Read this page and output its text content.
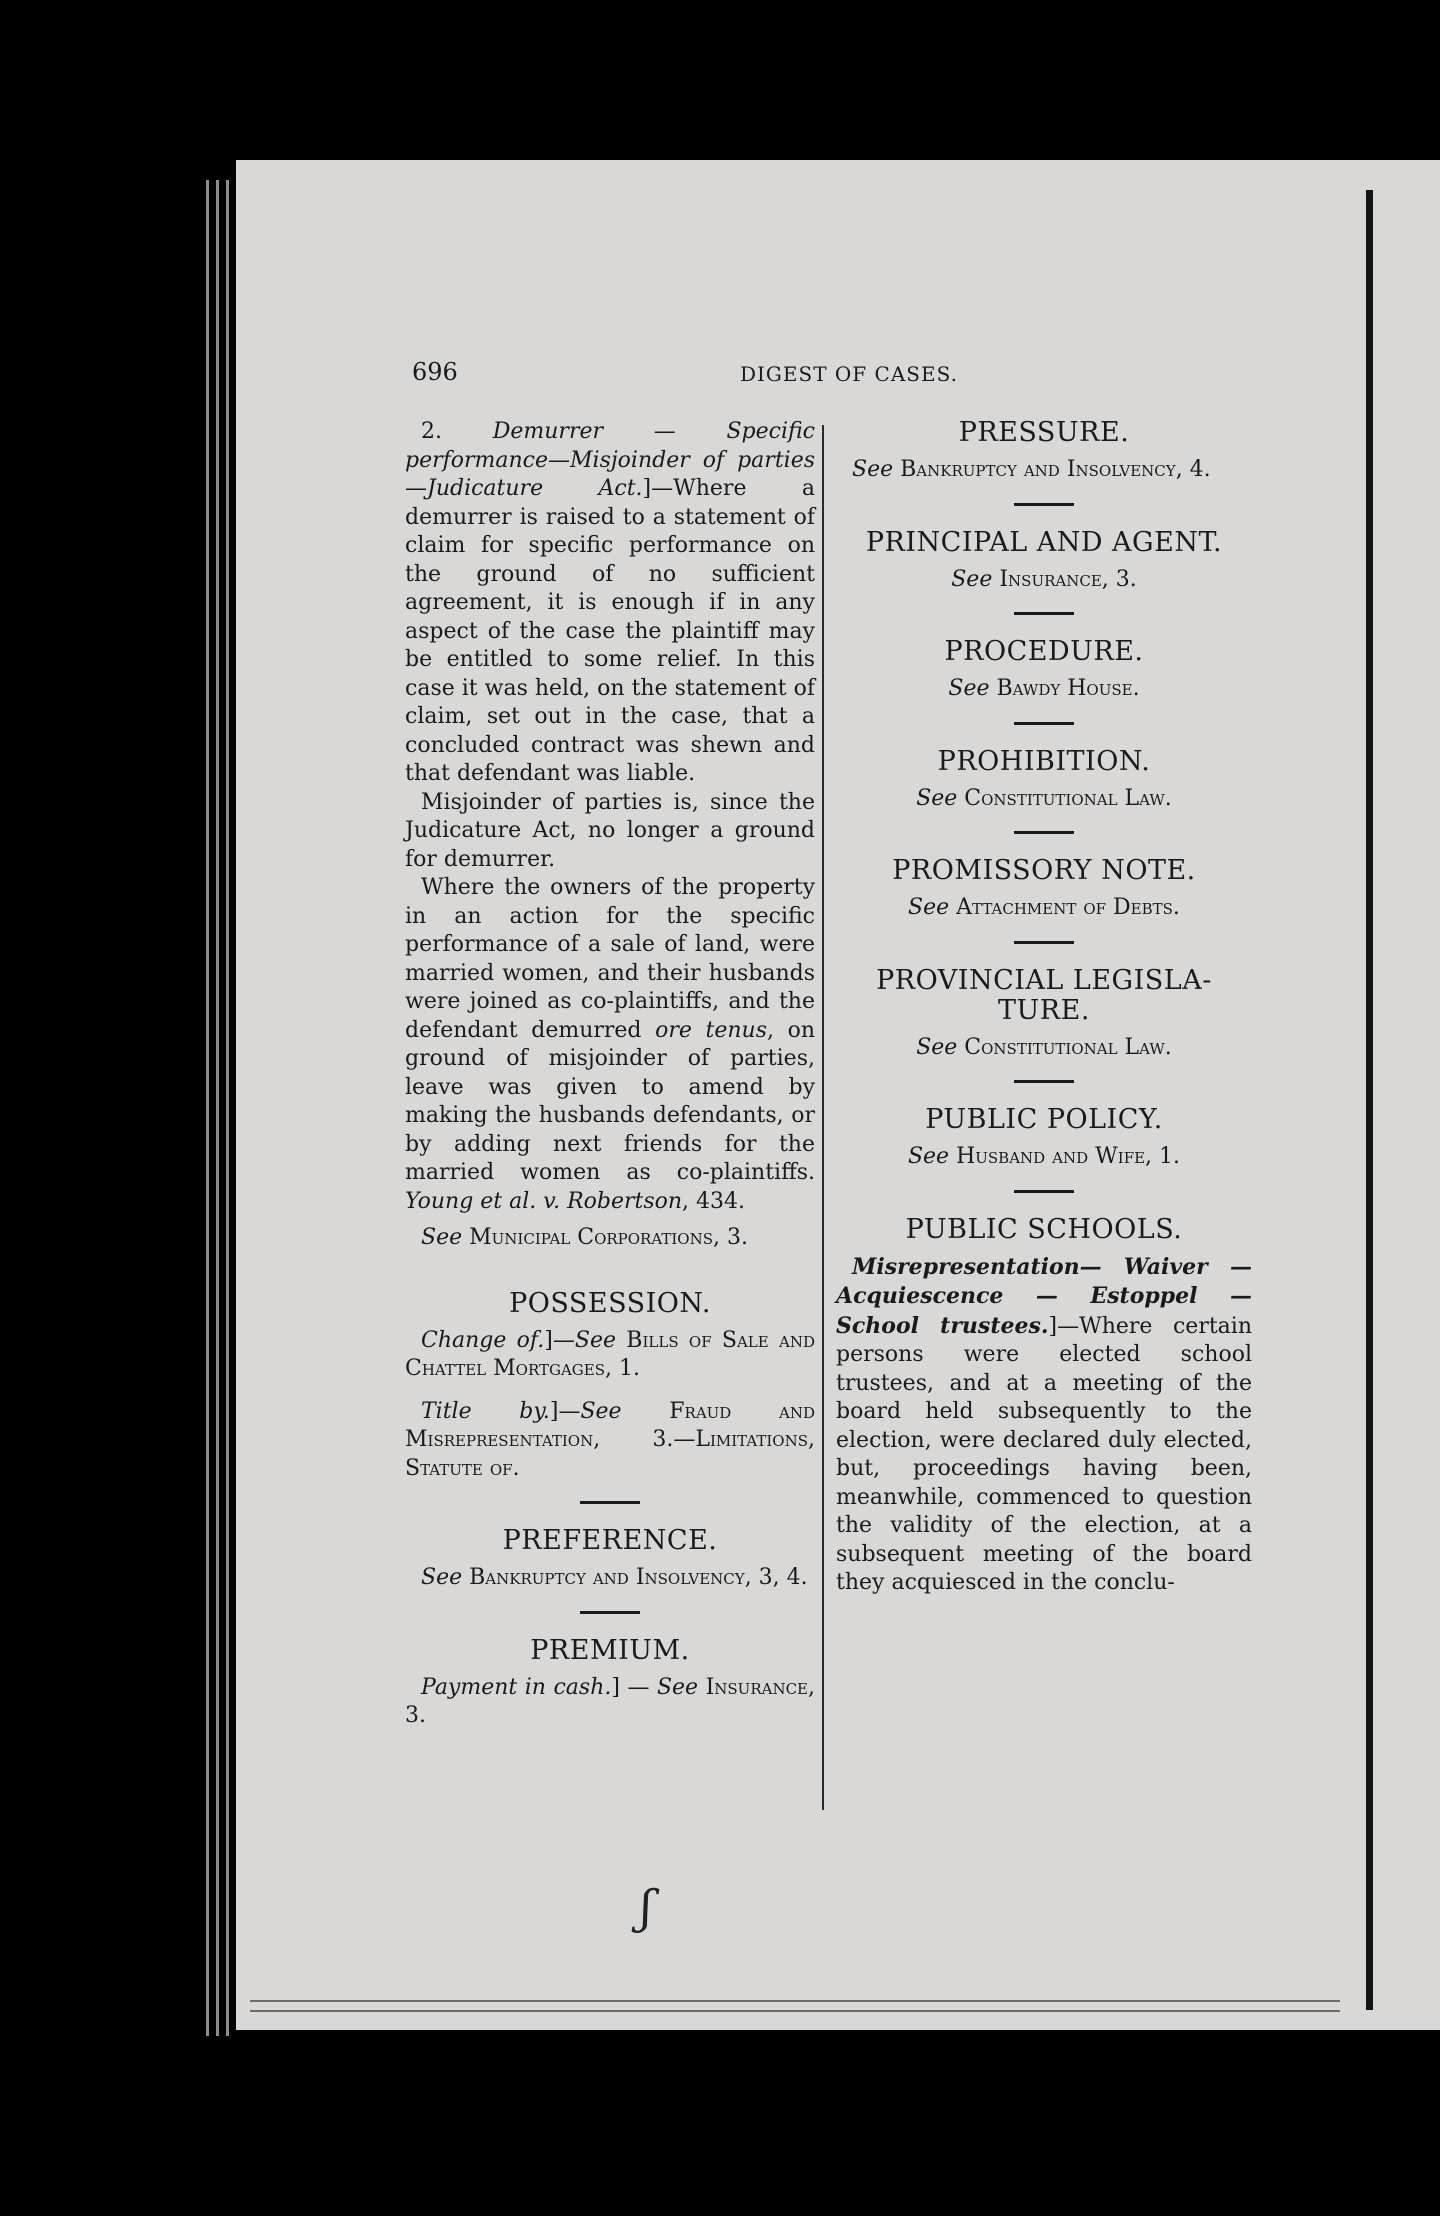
696	DIGEST OF CASES.

2. Demurrer — Specific performance—Misjoinder of parties—Judicature Act.]—Where a demurrer is raised to a statement of claim for specific performance on the ground of no sufficient agreement, it is enough if in any aspect of the case the plaintiff may be entitled to some relief. In this case it was held, on the statement of claim, set out in the case, that a concluded contract was shewn and that defendant was liable.

Misjoinder of parties is, since the Judicature Act, no longer a ground for demurrer.

Where the owners of the property in an action for the specific performance of a sale of land, were married women, and their husbands were joined as co-plaintiffs, and the defendant demurred ore tenus, on ground of misjoinder of parties, leave was given to amend by making the husbands defendants, or by adding next friends for the married women as co-plaintiffs. Young et al. v. Robertson, 434.

See Municipal Corporations, 3.

POSSESSION.

Change of.]—See Bills of Sale and Chattel Mortgages, 1.

Title by.]—See Fraud and Misrepresentation, 3.—Limitations, Statute of.

PREFERENCE.

See Bankruptcy and Insolvency, 3, 4.

PREMIUM.

Payment in cash.] — See Insurance, 3.

PRESSURE.

See Bankruptcy and Insolvency, 4.

PRINCIPAL AND AGENT.

See Insurance, 3.

PROCEDURE.

See Bawdy House.

PROHIBITION.

See Constitutional Law.

PROMISSORY NOTE.

See Attachment of Debts.

PROVINCIAL LEGISLA-
TURE.

See Constitutional Law.

PUBLIC POLICY.

See Husband and Wife, 1.

PUBLIC SCHOOLS.

Misrepresentation— Waiver — Acquiescence — Estoppel — School trustees.]—Where certain persons were elected school trustees, and at a meeting of the board held subsequently to the election, were declared duly elected, but, proceedings having been, meanwhile, commenced to question the validity of the election, at a subsequent meeting of the board they acquiesced in the conclu-

ʃ
